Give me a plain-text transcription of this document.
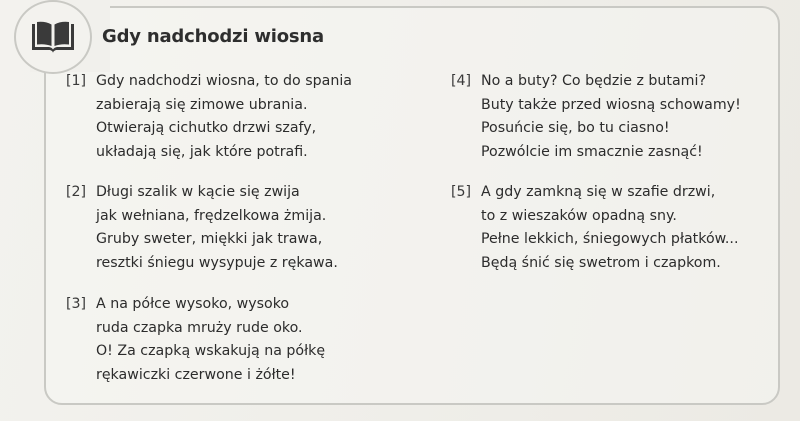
Gdy nadchodzi wiosna
[1] Gdy nadchodzi wiosna, to do spania
zabierają się zimowe ubrania.
Otwierają cichutko drzwi szafy,
układają się, jak które potrafi.
[2] Długi szalik w kącie się zwija
jak wełniana, frędzelkowa żmija.
Gruby sweter, miękki jak trawa,
resztki śniegu wysypuje z rękawa.
[3] A na półce wysoko, wysoko
ruda czapka mruży rude oko.
O! Za czapką wskakują na półkę
rękawiczki czerwone i żółte!
[4] No a buty? Co będzie z butami?
Buty także przed wiosną schowamy!
Posuńcie się, bo tu ciasno!
Pozwólcie im smacznie zasnąć!
[5] A gdy zamkną się w szafie drzwi,
to z wieszaków opadną sny.
Pełne lekkich, śniegowych płatków...
Będą śnić się swetrom i czapkom.
